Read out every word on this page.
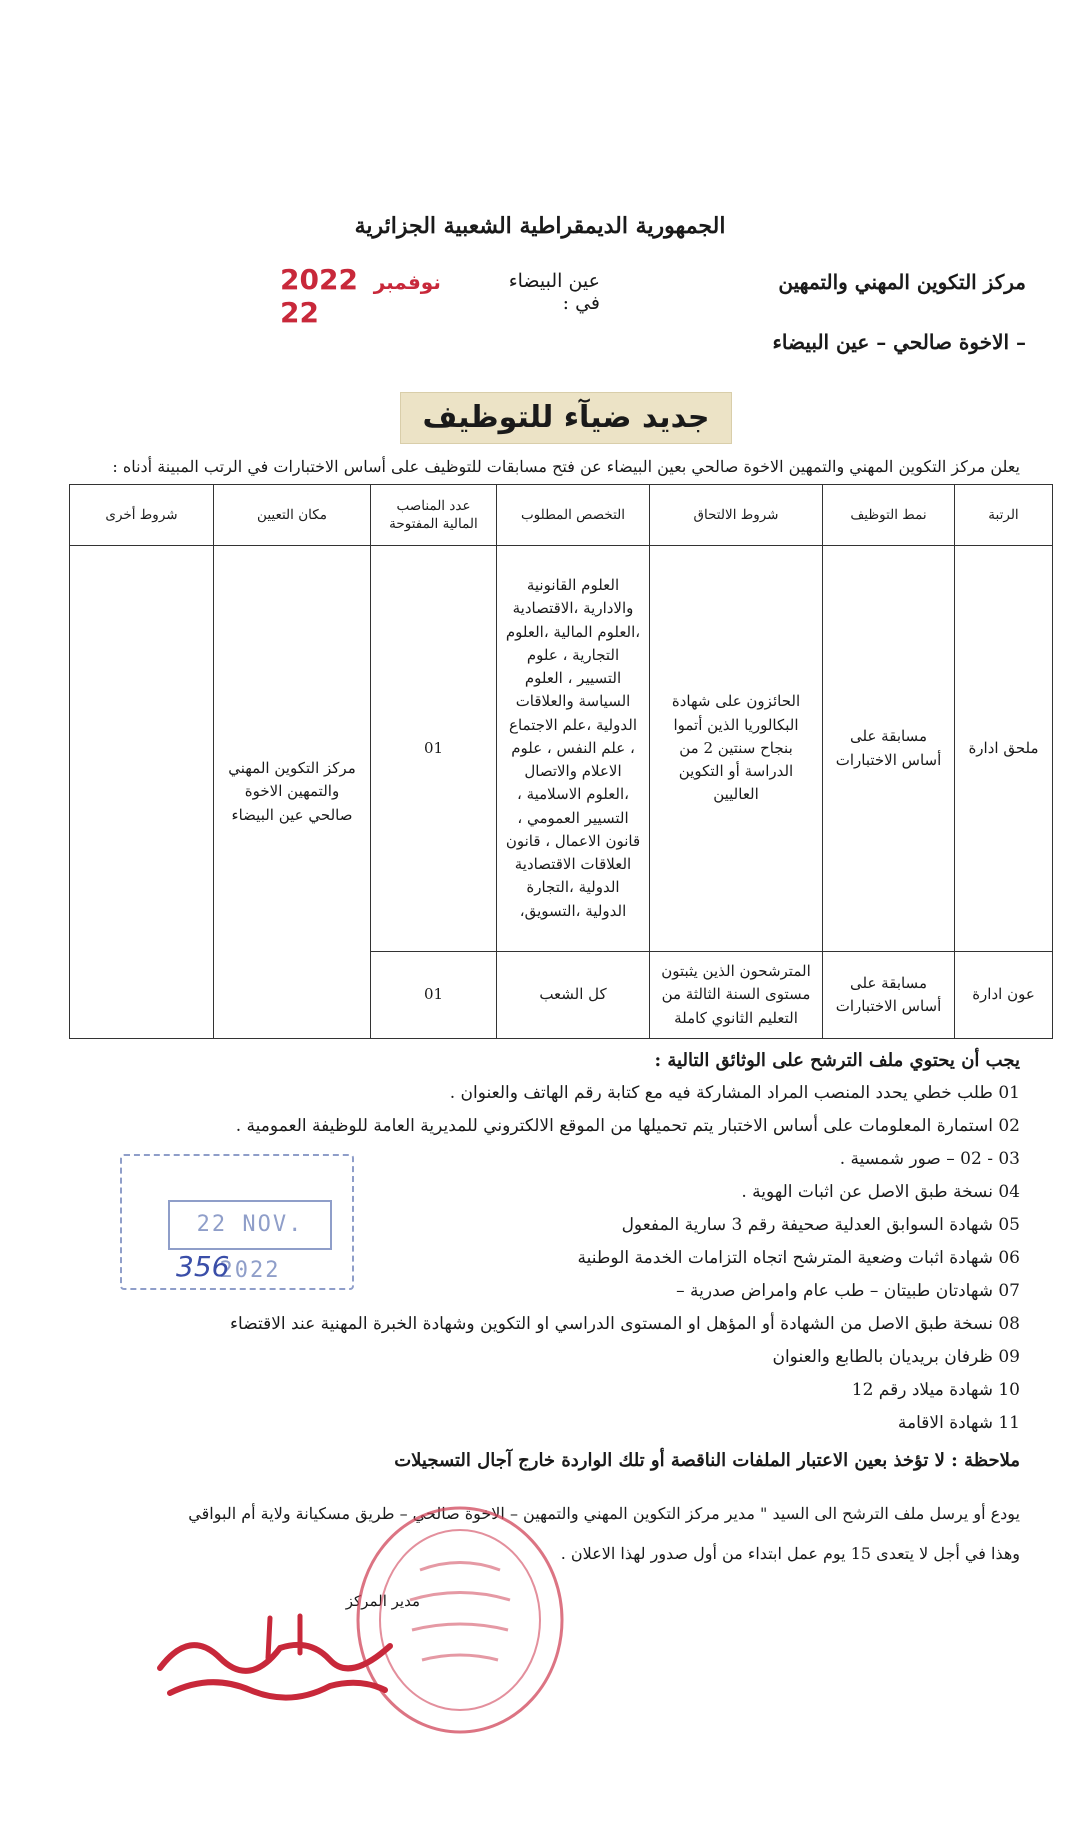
الجمهورية الديمقراطية الشعبية الجزائرية
مركز التكوين المهني والتمهين
عين البيضاء في :
2022 نوفمبر 22
– الاخوة صالحي – عين البيضاء
جديد ضيآء للتوظيف
يعلن مركز التكوين المهني والتمهين الاخوة صالحي بعين البيضاء عن فتح مسابقات للتوظيف على أساس الاختبارات في الرتب المبينة أدناه :
الرتبة	نمط التوظيف	شروط الالتحاق	التخصص المطلوب	عدد المناصب المالية المفتوحة	مكان التعيين	شروط أخرى
ملحق ادارة	مسابقة على أساس الاختبارات	الحائزون على شهادة البكالوريا الذين أتموا بنجاح سنتين 2 من الدراسة أو التكوين العاليين	العلوم القانونية والادارية ،الاقتصادية ،العلوم المالية ،العلوم التجارية ، علوم التسيير ، العلوم السياسة والعلاقات الدولية ،علم الاجتماع ، علم النفس ، علوم الاعلام والاتصال ،العلوم الاسلامية ، التسيير العمومي ، قانون الاعمال ، قانون العلاقات الاقتصادية الدولية ،التجارة الدولية ،التسويق،	01	مركز التكوين المهني والتمهين الاخوة صالحي عين البيضاء	
عون ادارة	مسابقة على أساس الاختبارات	المترشحون الذين يثبتون مستوى السنة الثالثة من التعليم الثانوي كاملة	كل الشعب	01		
يجب أن يحتوي ملف الترشح على الوثائق التالية :
01 طلب خطي يحدد المنصب المراد المشاركة فيه مع كتابة رقم الهاتف والعنوان .
02 استمارة المعلومات على أساس الاختبار يتم تحميلها من الموقع الالكتروني للمديرية العامة للوظيفة العمومية .
03 - 02 – صور شمسية .
04 نسخة طبق الاصل عن اثبات الهوية .
05 شهادة السوابق العدلية صحيفة رقم 3 سارية المفعول
06 شهادة اثبات وضعية المترشح اتجاه التزامات الخدمة الوطنية
07 شهادتان طبيتان – طب عام وامراض صدرية –
08 نسخة طبق الاصل من الشهادة أو المؤهل او المستوى الدراسي او التكوين وشهادة الخبرة المهنية عند الاقتضاء
09 ظرفان بريديان بالطابع والعنوان
10 شهادة ميلاد رقم 12
11 شهادة الاقامة
ملاحظة : لا تؤخذ بعين الاعتبار الملفات الناقصة أو تلك الواردة خارج آجال التسجيلات
يودع أو يرسل ملف الترشح الى السيد " مدير مركز التكوين المهني والتمهين – الاخوة صالحي – طريق مسكيانة ولاية أم البواقي
وهذا في أجل لا يتعدى 15 يوم عمل ابتداء من أول صدور لهذا الاعلان .
مدير المركز
22 NOV. 2022
356
